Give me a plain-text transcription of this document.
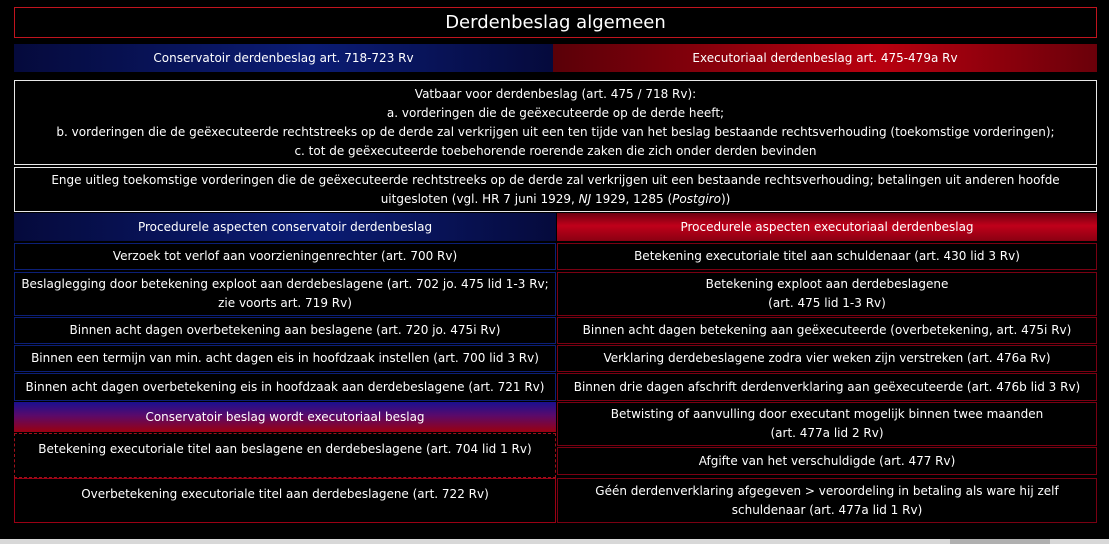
Derdenbeslag algemeen
Conservatoir derdenbeslag art. 718-723 Rv	Executoriaal derdenbeslag art. 475-479a Rv
Vatbaar voor derdenbeslag (art. 475 / 718 Rv):
a. vorderingen die de geëxecuteerde op de derde heeft;
b. vorderingen die de geëxecuteerde rechtstreeks op de derde zal verkrijgen uit een ten tijde van het beslag bestaande rechtsverhouding (toekomstige vorderingen);
c. tot de geëxecuteerde toebehorende roerende zaken die zich onder derden bevinden
Enge uitleg toekomstige vorderingen die de geëxecuteerde rechtstreeks op de derde zal verkrijgen uit een bestaande rechtsverhouding; betalingen uit anderen hoofde
uitgesloten (vgl. HR 7 juni 1929, NJ 1929, 1285 (Postgiro))
Procedurele aspecten conservatoir derdenbeslag	Procedurele aspecten executoriaal derdenbeslag
Verzoek tot verlof aan voorzieningenrechter (art. 700 Rv)
Beslaglegging door betekening exploot aan derdebeslagene (art. 702 jo. 475 lid 1-3 Rv;
zie voorts art. 719 Rv)
Binnen acht dagen overbetekening aan beslagene (art. 720 jo. 475i Rv)
Binnen een termijn van min. acht dagen eis in hoofdzaak instellen (art. 700 lid 3 Rv)
Binnen acht dagen overbetekening eis in hoofdzaak aan derdebeslagene (art. 721 Rv)
Betekening executoriale titel aan schuldenaar (art. 430 lid 3 Rv)
Betekening exploot aan derdebeslagene
(art. 475 lid 1-3 Rv)
Binnen acht dagen betekening aan geëxecuteerde (overbetekening, art. 475i Rv)
Verklaring derdebeslagene zodra vier weken zijn verstreken (art. 476a Rv)
Binnen drie dagen afschrift derdenverklaring aan geëxecuteerde (art. 476b lid 3 Rv)
Conservatoir beslag wordt executoriaal beslag
Betekening executoriale titel aan beslagene en derdebeslagene (art. 704 lid 1 Rv)
Overbetekening executoriale titel aan derdebeslagene (art. 722 Rv)
Betwisting of aanvulling door executant mogelijk binnen twee maanden
(art. 477a lid 2 Rv)
Afgifte van het verschuldigde (art. 477 Rv)
Géén derdenverklaring afgegeven > veroordeling in betaling als ware hij zelf
schuldenaar (art. 477a lid 1 Rv)
